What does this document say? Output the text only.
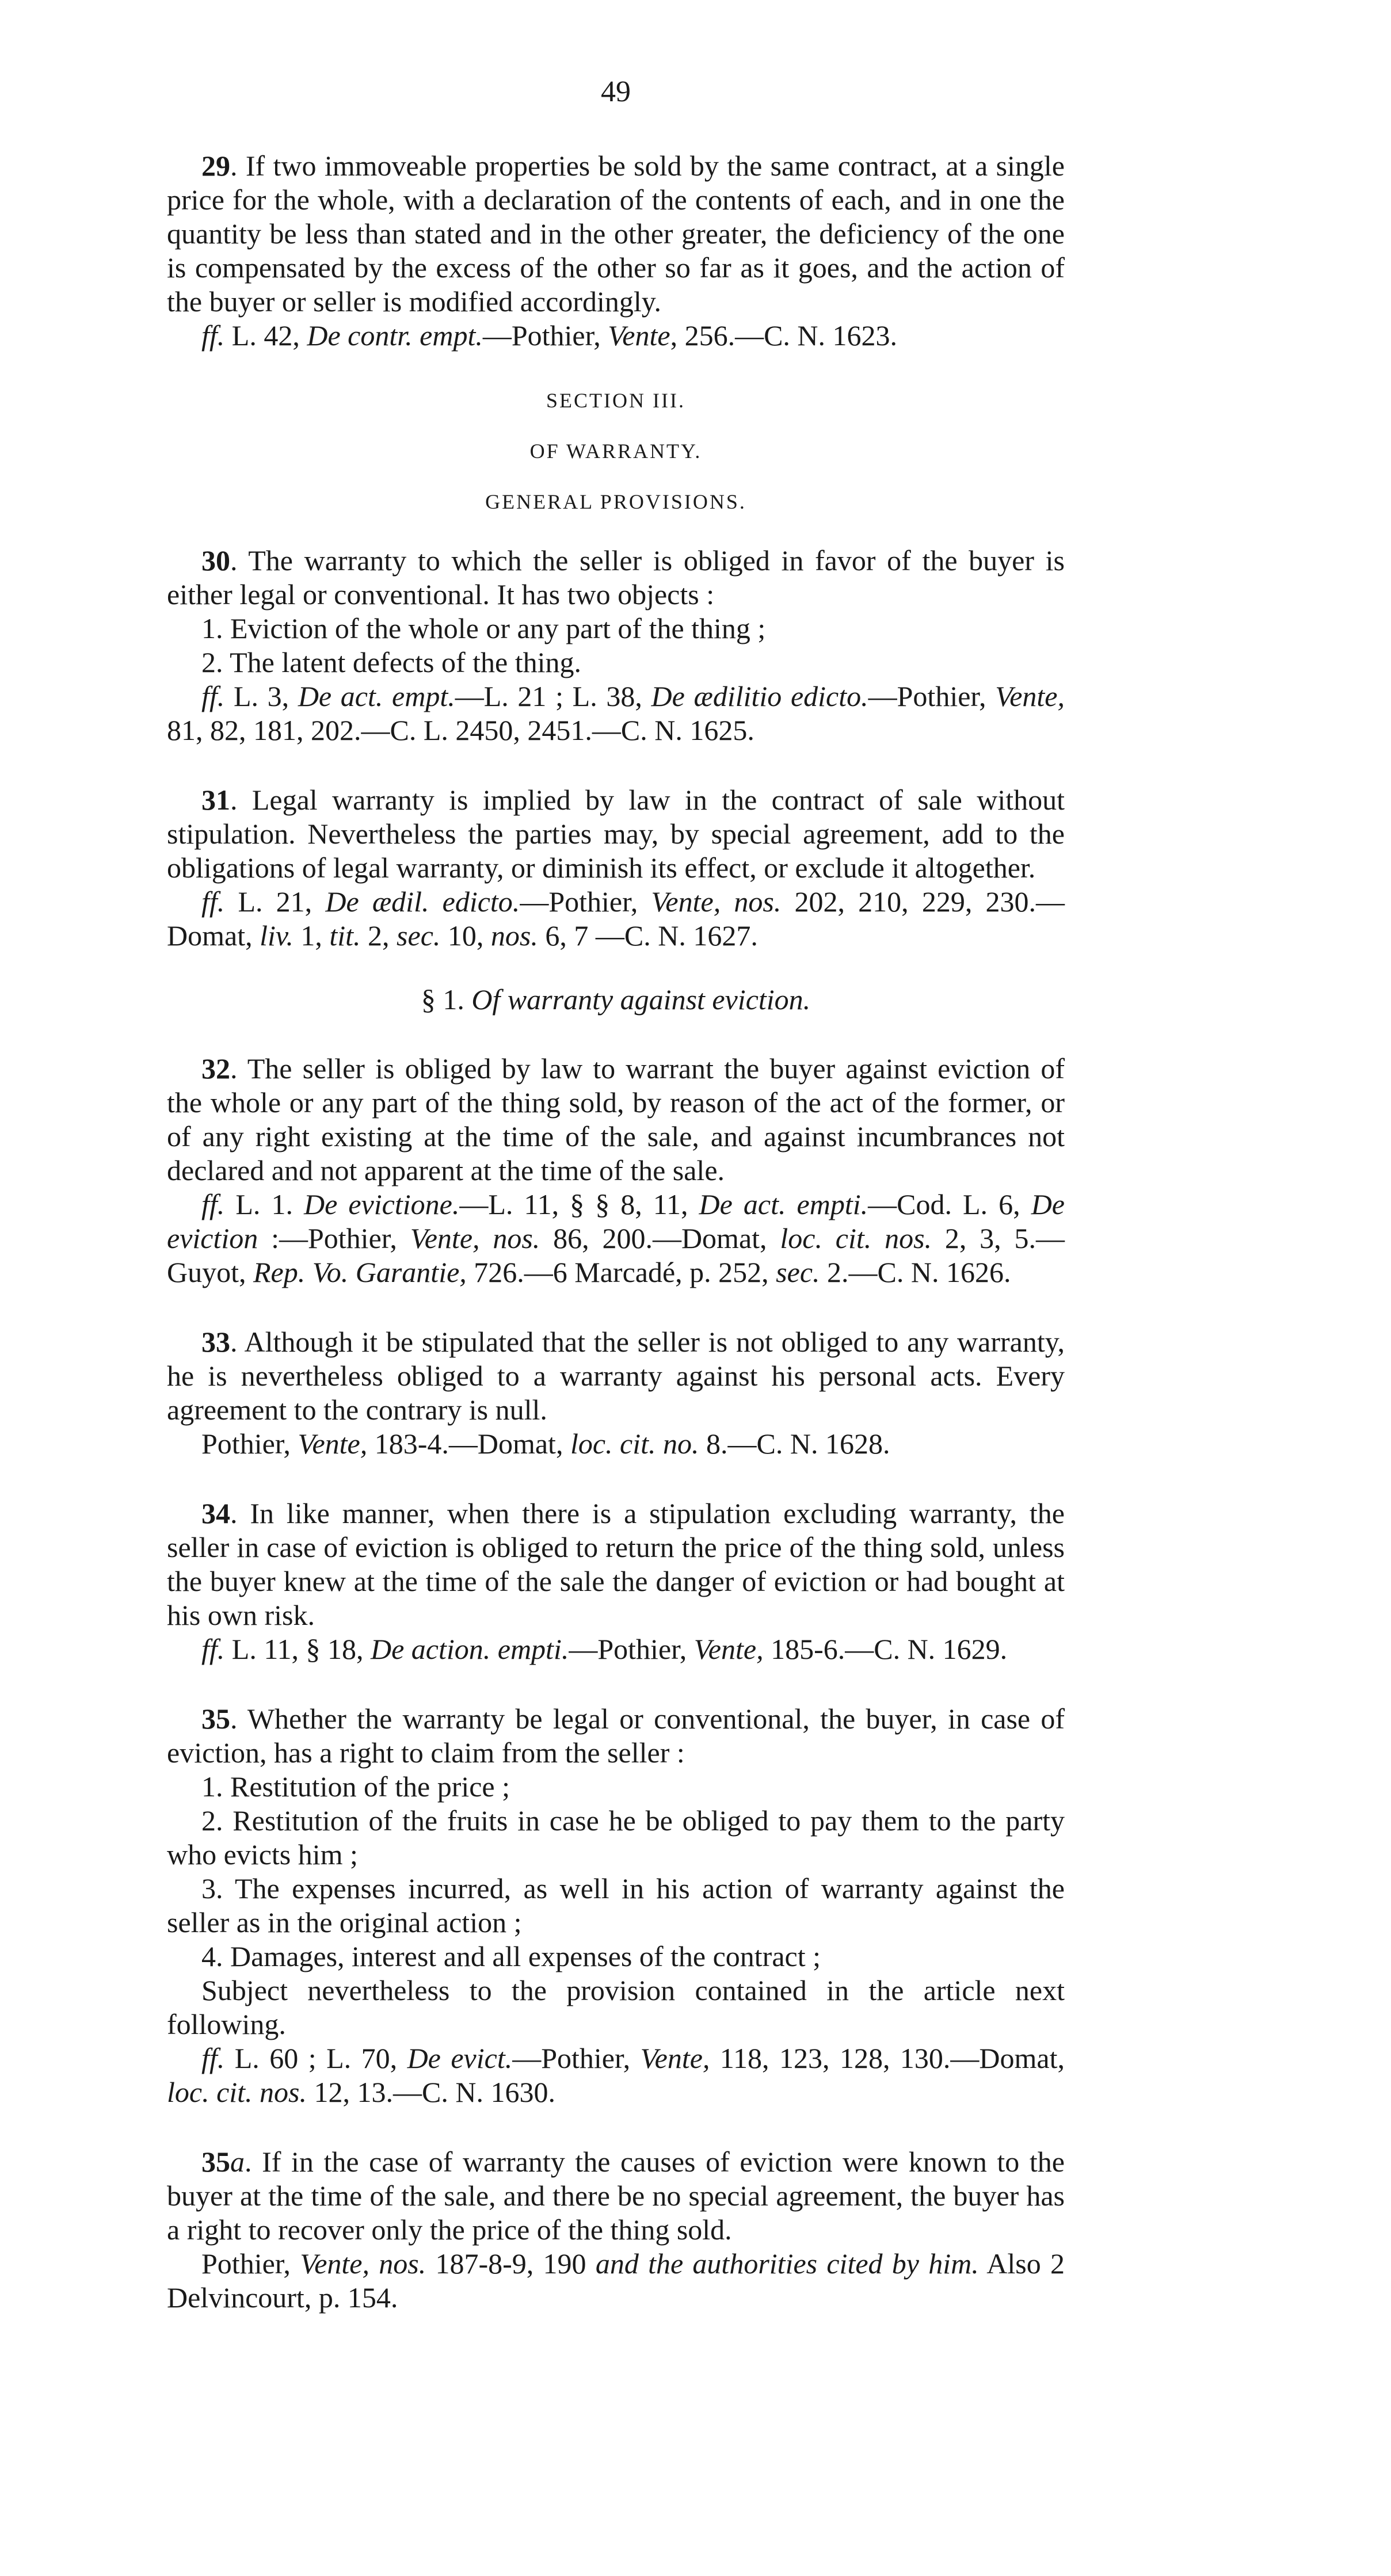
49

29. If two immoveable properties be sold by the same contract, at a single price for the whole, with a declaration of the contents of each, and in one the quantity be less than stated and in the other greater, the deficiency of the one is compensated by the excess of the other so far as it goes, and the action of the buyer or seller is modified accordingly.

ff. L. 42, De contr. empt.—Pothier, Vente, 256.—C. N. 1623.

SECTION III.

OF WARRANTY.

GENERAL PROVISIONS.

30. The warranty to which the seller is obliged in favor of the buyer is either legal or conventional. It has two objects :

1. Eviction of the whole or any part of the thing ;

2. The latent defects of the thing.

ff. L. 3, De act. empt.—L. 21 ; L. 38, De ædilitio edicto.—Pothier, Vente, 81, 82, 181, 202.—C. L. 2450, 2451.—C. N. 1625.

31. Legal warranty is implied by law in the contract of sale without stipulation. Nevertheless the parties may, by special agreement, add to the obligations of legal warranty, or diminish its effect, or exclude it altogether.

ff. L. 21, De ædil. edicto.—Pothier, Vente, nos. 202, 210, 229, 230.—Domat, liv. 1, tit. 2, sec. 10, nos. 6, 7 —C. N. 1627.

§ 1. Of warranty against eviction.

32. The seller is obliged by law to warrant the buyer against eviction of the whole or any part of the thing sold, by reason of the act of the former, or of any right existing at the time of the sale, and against incumbrances not declared and not apparent at the time of the sale.

ff. L. 1. De evictione.—L. 11, § § 8, 11, De act. empti.—Cod. L. 6, De eviction :—Pothier, Vente, nos. 86, 200.—Domat, loc. cit. nos. 2, 3, 5.—Guyot, Rep. Vo. Garantie, 726.—6 Marcadé, p. 252, sec. 2.—C. N. 1626.

33. Although it be stipulated that the seller is not obliged to any warranty, he is nevertheless obliged to a warranty against his personal acts. Every agreement to the contrary is null.

Pothier, Vente, 183-4.—Domat, loc. cit. no. 8.—C. N. 1628.

34. In like manner, when there is a stipulation excluding warranty, the seller in case of eviction is obliged to return the price of the thing sold, unless the buyer knew at the time of the sale the danger of eviction or had bought at his own risk.

ff. L. 11, § 18, De action. empti.—Pothier, Vente, 185-6.—C. N. 1629.

35. Whether the warranty be legal or conventional, the buyer, in case of eviction, has a right to claim from the seller :

1. Restitution of the price ;

2. Restitution of the fruits in case he be obliged to pay them to the party who evicts him ;

3. The expenses incurred, as well in his action of warranty against the seller as in the original action ;

4. Damages, interest and all expenses of the contract ;

Subject nevertheless to the provision contained in the article next following.

ff. L. 60 ; L. 70, De evict.—Pothier, Vente, 118, 123, 128, 130.—Domat, loc. cit. nos. 12, 13.—C. N. 1630.

35a. If in the case of warranty the causes of eviction were known to the buyer at the time of the sale, and there be no special agreement, the buyer has a right to recover only the price of the thing sold.

Pothier, Vente, nos. 187-8-9, 190 and the authorities cited by him. Also 2 Delvincourt, p. 154.
